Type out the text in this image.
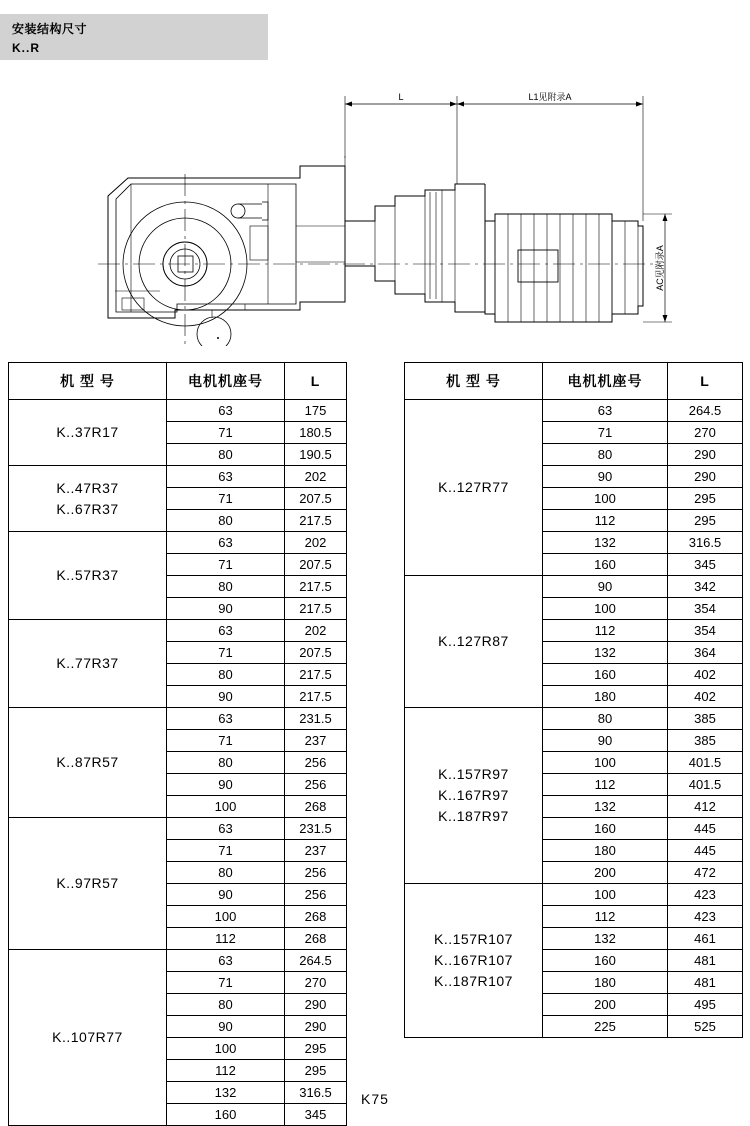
安装结构尺寸
K..R
L	L1见附录A
AC见附录A
机 型 号	电机机座号	L

K..37R17	63	175
	71	180.5
	80	190.5

K..47R37
K..67R37	63	202
	71	207.5
	80	217.5

K..57R37	63	202
	71	207.5
	80	217.5
	90	217.5

K..77R37	63	202
	71	207.5
	80	217.5
	90	217.5

K..87R57	63	231.5
	71	237
	80	256
	90	256
	100	268

K..97R57	63	231.5
	71	237
	80	256
	90	256
	100	268
	112	268

K..107R77	63	264.5
	71	270
	80	290
	90	290
	100	295
	112	295
	132	316.5
	160	345
机 型 号	电机机座号	L

K..127R77	63	264.5
	71	270
	80	290
	90	290
	100	295
	112	295
	132	316.5
	160	345

K..127R87	90	342
	100	354
	112	354
	132	364
	160	402
	180	402

K..157R97
K..167R97
K..187R97	80	385
	90	385
	100	401.5
	112	401.5
	132	412
	160	445
	180	445
	200	472

K..157R107
K..167R107
K..187R107	100	423
	112	423
	132	461
	160	481
	180	481
	200	495
	225	525
K75
